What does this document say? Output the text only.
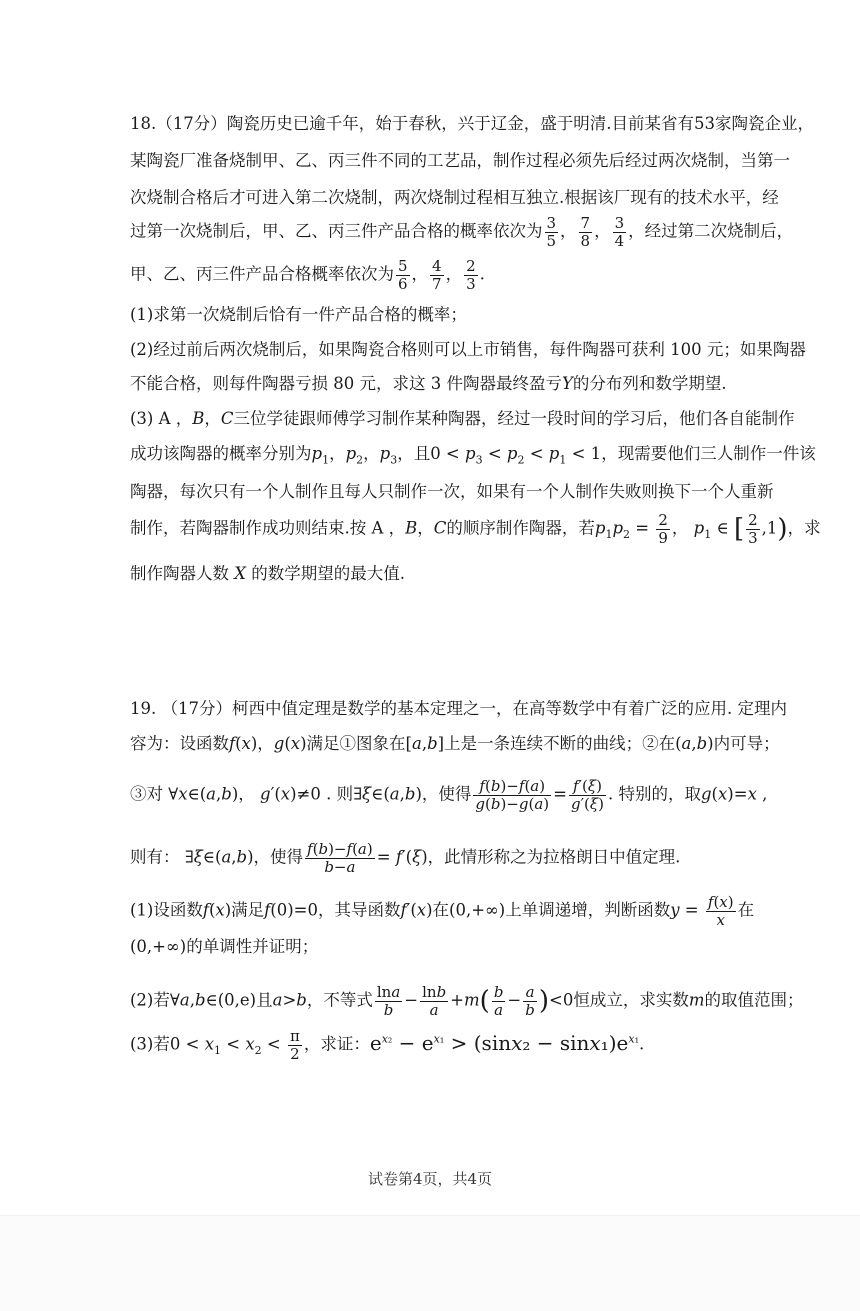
18.（17分）陶瓷历史已逾千年，始于春秋，兴于辽金，盛于明清.目前某省有53家陶瓷企业，
某陶瓷厂准备烧制甲、乙、丙三件不同的工艺品，制作过程必须先后经过两次烧制，当第一
次烧制合格后才可进入第二次烧制，两次烧制过程相互独立.根据该厂现有的技术水平，经
过第一次烧制后，甲、乙、丙三件产品合格的概率依次为 $\frac{3}{5}$ ， $\frac{7}{8}$ ， $\frac{3}{4}$ ，经过第二次烧制后，
甲、乙、丙三件产品合格概率依次为 $\frac{5}{6}$ ， $\frac{4}{7}$ ， $\frac{2}{3}$ .
(1)求第一次烧制后恰有一件产品合格的概率；
(2)经过前后两次烧制后，如果陶瓷合格则可以上市销售，每件陶器可获利 100 元；如果陶器
不能合格，则每件陶器亏损 80 元，求这 3 件陶器最终盈亏Y的分布列和数学期望.
(3) A ，B，C三位学徒跟师傅学习制作某种陶器，经过一段时间的学习后，他们各自能制作
成功该陶器的概率分别为$p_1$，$p_2$，$p_3$，且$0 < p_3 < p_2 < p_1 < 1$，现需要他们三人制作一件该
陶器，每次只有一个人制作且每人只制作一次，如果有一个人制作失败则换下一个人重新
制作，若陶器制作成功则结束.按 A ，B，C的顺序制作陶器，若$p_1p_2 = \frac{2}{9}$ ， $p_1$ ∈ [ $\frac{2}{3} ,1$)，求
制作陶器人数 X 的数学期望的最大值.
19. （17分）柯西中值定理是数学的基本定理之一，在高等数学中有着广泛的应用. 定理内
容为：设函数f(x)，g(x)满足①图象在[a,b]上是一条连续不断的曲线；②在(a,b)内可导；
③对 ∀x∈(a,b)， g′(x)≠0 . 则∃ξ∈(a,b)，使得 $\frac{f(b)-f(a)}{g(b)-g(a)} = \frac{f'(\xi)}{g'(\xi)}$ . 特别的，取g(x)=x ,
则有： ∃ξ∈(a,b)，使得 $\frac{f(b)-f(a)}{b-a} = f'(\xi)$，此情形称之为拉格朗日中值定理.
(1)设函数f(x)满足f(0)=0，其导函数f′(x)在(0,+∞)上单调递增，判断函数$y = \frac{f(x)}{x}$ 在
(0,+∞)的单调性并证明；
(2)若∀a,b∈(0,e)且a>b，不等式 $\frac{\ln a}{b} - \frac{\ln b}{a} +m( \frac{b}{a} - \frac{a}{b} )<0$恒成立，求实数m的取值范围；
(3)若$0 < x_1 < x_2 < \frac{\pi}{2}$ ，求证：$e^{x_2} - e^{x_1} > (\sin x_2 - \sin x_1)e^{x_1}$.
试卷第4页，共4页
